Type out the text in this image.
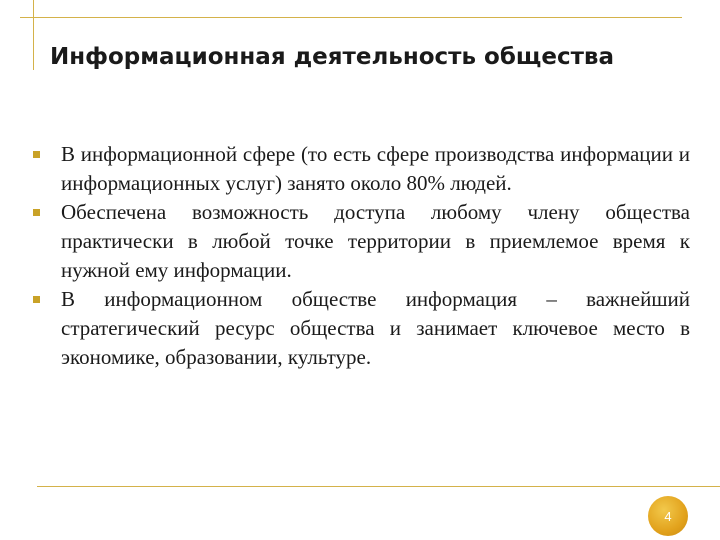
Информационная деятельность общества
В информационной сфере (то есть сфере производства информации и информационных услуг) занято около 80% людей.
Обеспечена возможность доступа любому члену общества практически в любой точке территории в приемлемое время к нужной ему информации.
В информационном обществе информация – важнейший стратегический ресурс общества и занимает ключевое место в экономике, образовании, культуре.
4
